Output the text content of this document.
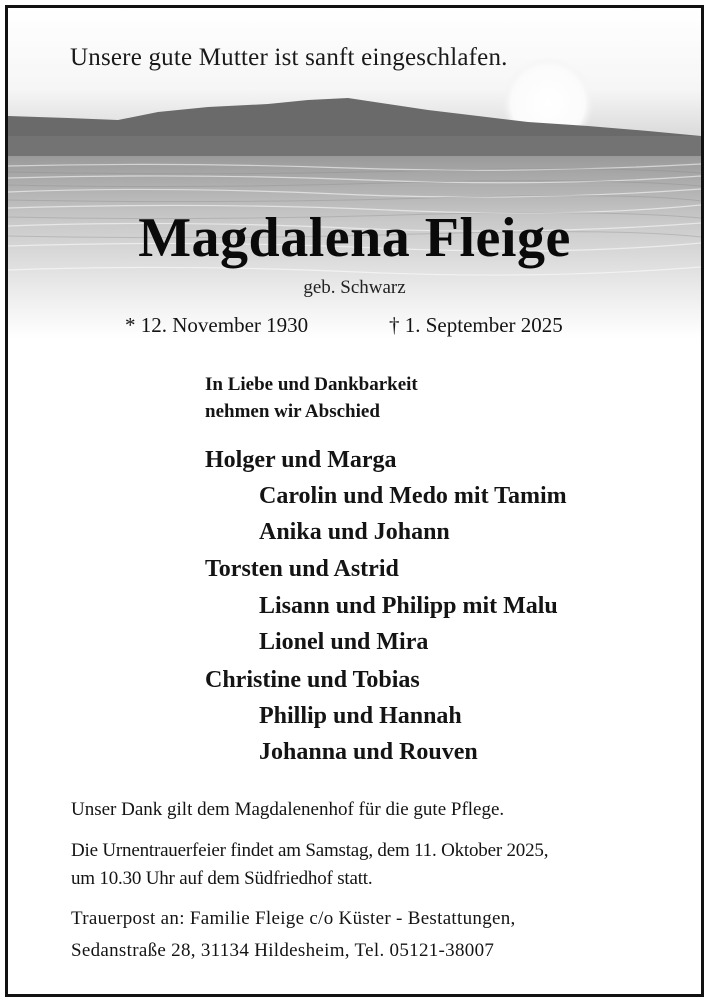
Unsere gute Mutter ist sanft eingeschlafen.
Magdalena Fleige
geb. Schwarz
* 12. November 1930	† 1. September 2025
In Liebe und Dankbarkeit
nehmen wir Abschied
Holger und Marga
Carolin und Medo mit Tamim
Anika und Johann
Torsten und Astrid
Lisann und Philipp mit Malu
Lionel und Mira
Christine und Tobias
Phillip und Hannah
Johanna und Rouven
Unser Dank gilt dem Magdalenenhof für die gute Pflege.
Die Urnentrauerfeier findet am Samstag, dem 11. Oktober 2025,
um 10.30 Uhr auf dem Südfriedhof statt.
Trauerpost an: Familie Fleige c/o Küster - Bestattungen,
Sedanstraße 28, 31134 Hildesheim, Tel. 05121-38007
